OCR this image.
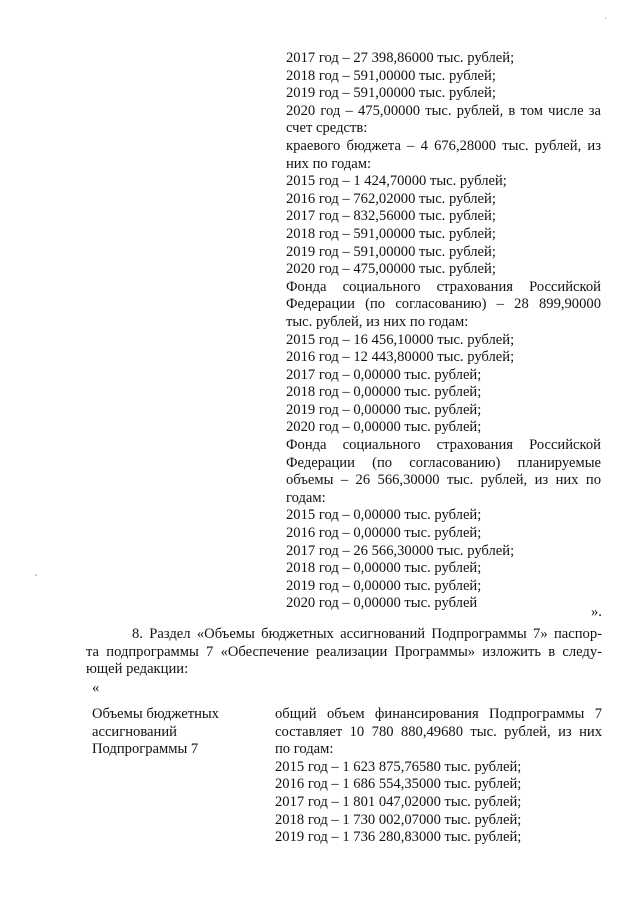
·
2017 год – 27 398,86000 тыс. рублей;
2018 год – 591,00000 тыс. рублей;
2019 год – 591,00000 тыс. рублей;
2020 год – 475,00000 тыс. рублей, в том числе за
счет средств:
краевого бюджета – 4 676,28000 тыс. рублей, из
них по годам:
2015 год – 1 424,70000 тыс. рублей;
2016 год – 762,02000 тыс. рублей;
2017 год – 832,56000 тыс. рублей;
2018 год – 591,00000 тыс. рублей;
2019 год – 591,00000 тыс. рублей;
2020 год – 475,00000 тыс. рублей;
Фонда социального страхования Российской
Федерации (по согласованию) – 28 899,90000
тыс. рублей, из них по годам:
2015 год – 16 456,10000 тыс. рублей;
2016 год – 12 443,80000 тыс. рублей;
2017 год – 0,00000 тыс. рублей;
2018 год – 0,00000 тыс. рублей;
2019 год – 0,00000 тыс. рублей;
2020 год – 0,00000 тыс. рублей;
Фонда социального страхования Российской
Федерации (по согласованию) планируемые
объемы – 26 566,30000 тыс. рублей, из них по
годам:
2015 год – 0,00000 тыс. рублей;
2016 год – 0,00000 тыс. рублей;
2017 год – 26 566,30000 тыс. рублей;
2018 год – 0,00000 тыс. рублей;
2019 год – 0,00000 тыс. рублей;
2020 год – 0,00000 тыс. рублей
».
8. Раздел «Объемы бюджетных ассигнований Подпрограммы 7» паспор-
та подпрограммы 7 «Обеспечение реализации Программы» изложить в следу-
ющей редакции:
«
Объемы бюджетных
ассигнований
Подпрограммы 7
общий объем финансирования Подпрограммы 7
составляет 10 780 880,49680 тыс. рублей, из них
по годам:
2015 год – 1 623 875,76580 тыс. рублей;
2016 год – 1 686 554,35000 тыс. рублей;
2017 год – 1 801 047,02000 тыс. рублей;
2018 год – 1 730 002,07000 тыс. рублей;
2019 год – 1 736 280,83000 тыс. рублей;
